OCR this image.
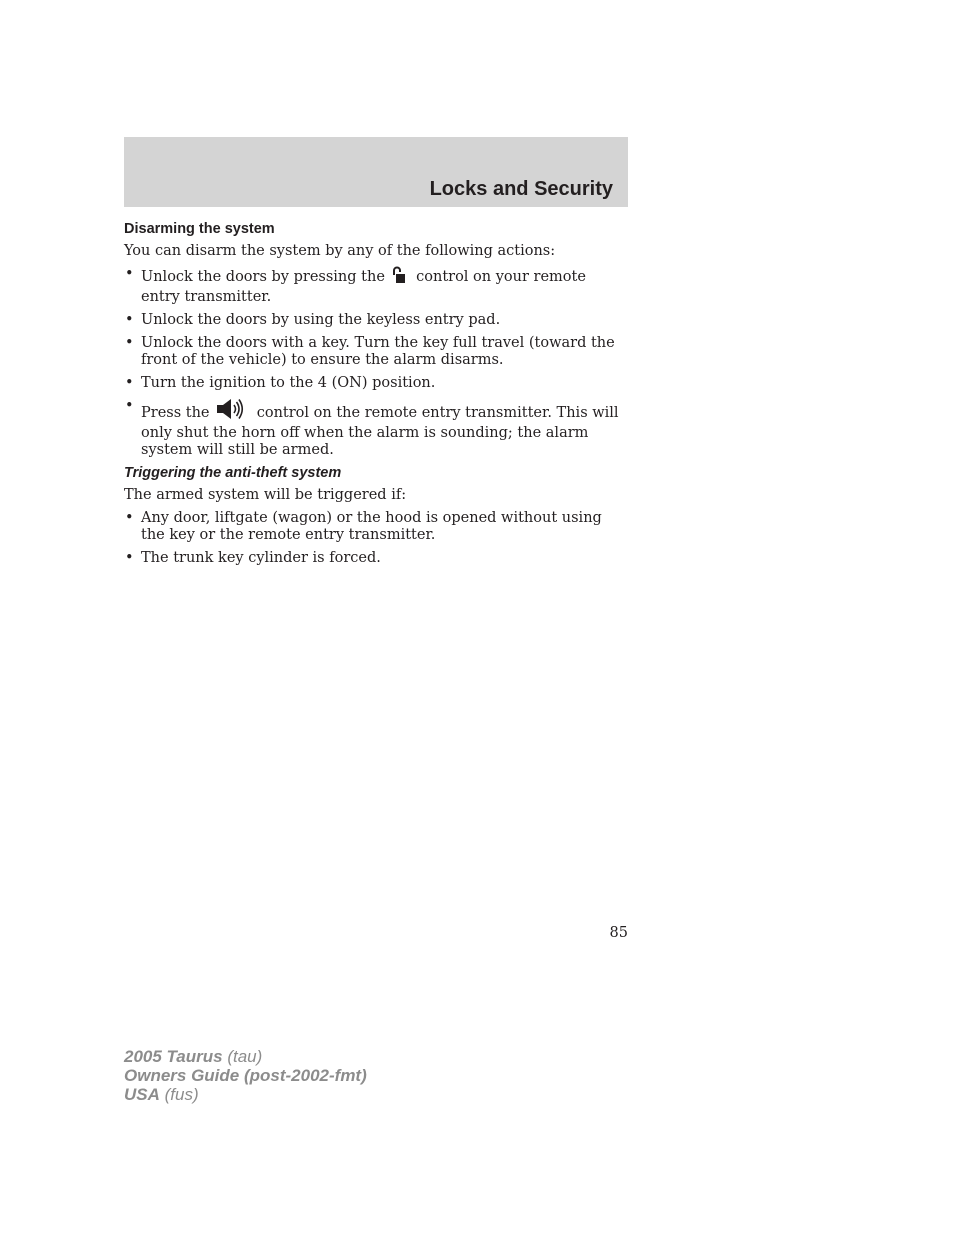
Locks and Security
Disarming the system

You can disarm the system by any of the following actions:

• Unlock the doors by pressing the control on your remote entry transmitter.
• Unlock the doors by using the keyless entry pad.
• Unlock the doors with a key. Turn the key full travel (toward the front of the vehicle) to ensure the alarm disarms.
• Turn the ignition to the 4 (ON) position.
• Press the	control on the remote entry transmitter. This will only shut the horn off when the alarm is sounding; the alarm system will still be armed.
Triggering the anti-theft system

The armed system will be triggered if:

• Any door, liftgate (wagon) or the hood is opened without using the key or the remote entry transmitter.
• The trunk key cylinder is forced.
85
2005 Taurus (tau)
Owners Guide (post-2002-fmt)
USA (fus)
